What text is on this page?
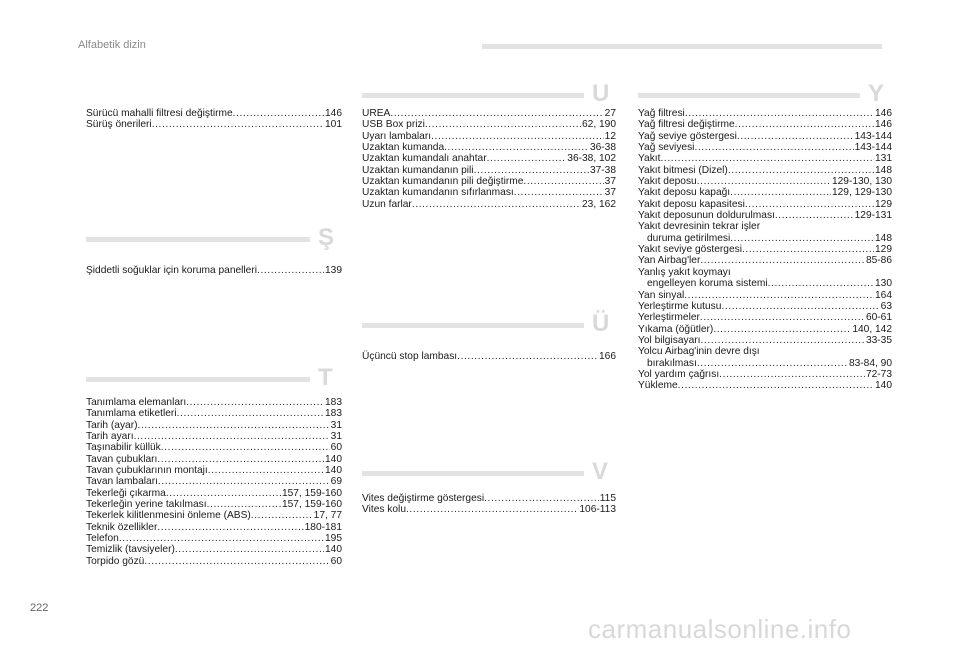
Alfabetik dizin
Sürücü mahalli filtresi değiştirme .....	146
Sürüş önerileri .....	101
Ş
Şiddetli soğuklar için koruma panelleri .....	139
T
Tanımlama elemanları .....	183
Tanımlama etiketleri .....	183
Tarih (ayar) .....	31
Tarih ayarı .....	31
Taşınabilir küllük .....	60
Tavan çubukları .....	140
Tavan çubuklarının montajı .....	140
Tavan lambaları .....	69
Tekerleği çıkarma .....	157, 159-160
Tekerleğin yerine takılması .....	157, 159-160
Tekerlek kilitlenmesini önleme (ABS) .....	17, 77
Teknik özellikler .....	180-181
Telefon .....	195
Temizlik (tavsiyeler) .....	140
Torpido gözü .....	60
U
UREA .....	27
USB Box prizi .....	62, 190
Uyarı lambaları .....	12
Uzaktan kumanda .....	36-38
Uzaktan kumandalı anahtar .....	36-38, 102
Uzaktan kumandanın pili .....	37-38
Uzaktan kumandanın pili değiştirme .....	37
Uzaktan kumandanın sıfırlanması .....	37
Uzun farlar .....	23, 162
Ü
Üçüncü stop lambası .....	166
V
Vites değiştirme göstergesi .....	115
Vites kolu .....	106-113
Y
Yağ filtresi .....	146
Yağ filtresi değiştirme .....	146
Yağ seviye göstergesi .....	143-144
Yağ seviyesi .....	143-144
Yakıt .....	131
Yakıt bitmesi (Dizel) .....	148
Yakıt deposu .....	129-130, 130
Yakıt deposu kapağı .....	129, 129-130
Yakıt deposu kapasitesi .....	129
Yakıt deposunun doldurulması .....	129-131
Yakıt devresinin tekrar işler
duruma getirilmesi .....	148
Yakıt seviye göstergesi .....	129
Yan Airbag'ler .....	85-86
Yanlış yakıt koymayı
engelleyen koruma sistemi .....	130
Yan sinyal .....	164
Yerleştirme kutusu .....	63
Yerleştirmeler .....	60-61
Yıkama (öğütler) .....	140, 142
Yol bilgisayarı .....	33-35
Yolcu Airbag'inin devre dışı
bırakılması .....	83-84, 90
Yol yardım çağrısı .....	72-73
Yükleme .....	140
222
carmanualsonline.info
